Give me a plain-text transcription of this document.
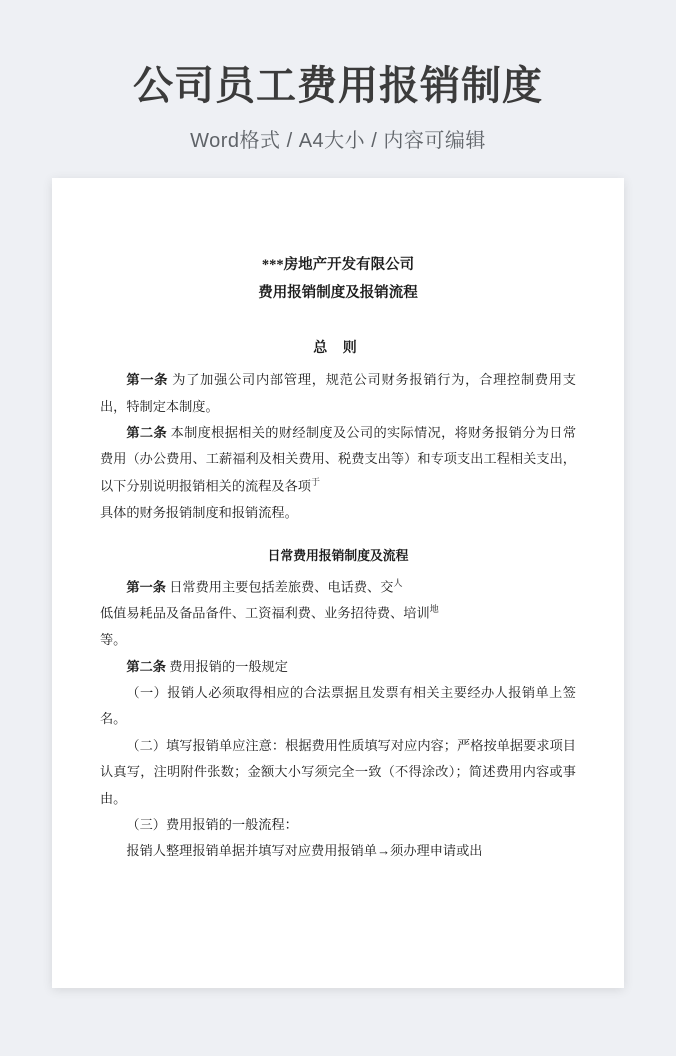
公司员工费用报销制度
Word格式 / A4大小 / 内容可编辑
***房地产开发有限公司
费用报销制度及报销流程
总 则

第一条 为了加强公司内部管理，规范公司财务报销行为，合理控制费用支出，特制定本制度。

第二条 本制度根据相关的财经制度及公司的实际情况，将财务报销分为日常费用（办公费用、工薪福利及相关费用、税费支出等）和专项支出工程相关支出，以下分别说明报销相关的流程及各项$^于$

具体的财务报销制度和报销流程。

日常费用报销制度及流程

第一条 日常费用主要包括差旅费、电话费、交㆟

低值易耗品及备品备件、工资福利费、业务招待费、培训㆞

等。

第二条 费用报销的一般规定

（一）报销人必须取得相应的合法票据且发票有相关主要经办人报销单上签名。

（二）填写报销单应注意：根据费用性质填写对应内容；严格按单据要求项目认真写，注明附件张数；金额大小写须完全一致（不得涂改）；简述费用内容或事由。

（三）费用报销的一般流程：

报销人整理报销单据并填写对应费用报销单→须办理申请或出
